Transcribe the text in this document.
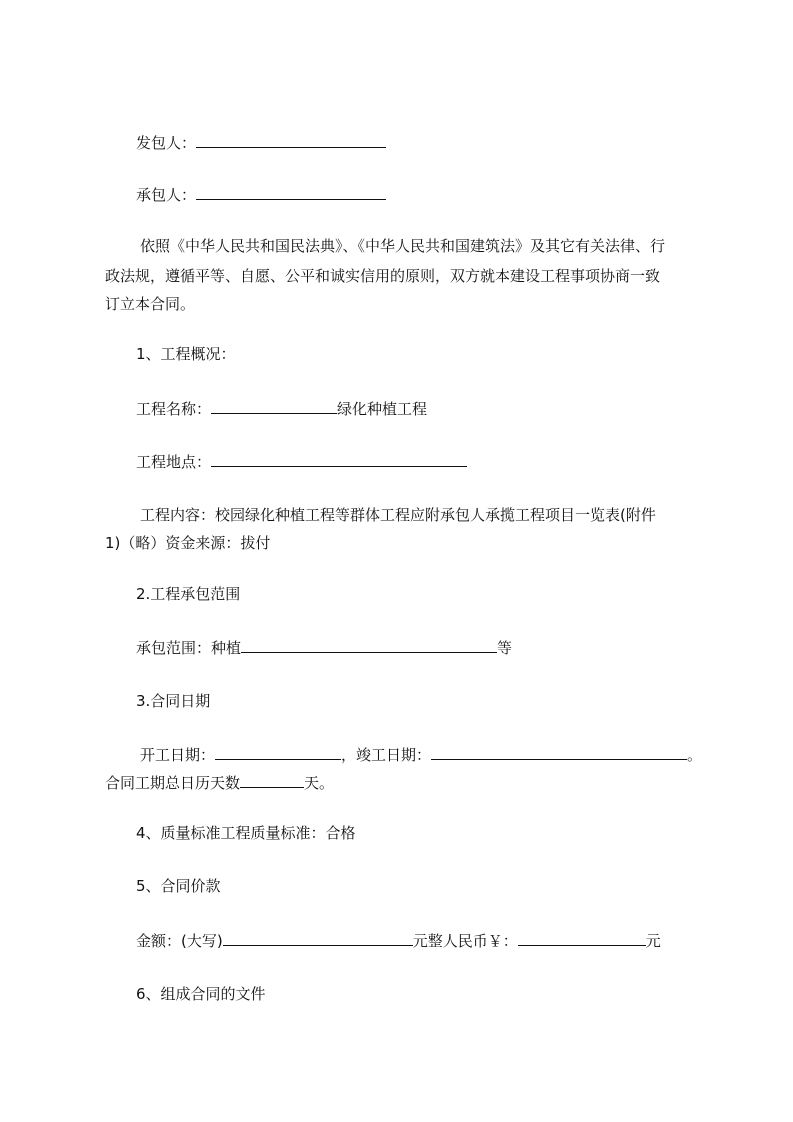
发包人：
承包人：
依照《中华人民共和国民法典》、《中华人民共和国建筑法》及其它有关法律、行
政法规，遵循平等、自愿、公平和诚实信用的原则，双方就本建设工程事项协商一致
订立本合同。
1、工程概况：
工程名称：	绿化种植工程
工程地点：
工程内容：校园绿化种植工程等群体工程应附承包人承揽工程项目一览表(附件
1)（略）资金来源：拔付
2.工程承包范围
承包范围：种植	等
3.合同日期
开工日期：	，竣工日期：	。
合同工期总日历天数	天。
4、质量标准工程质量标准：合格
5、合同价款
金额：(大写)	元整人民币￥：	元
6、组成合同的文件
